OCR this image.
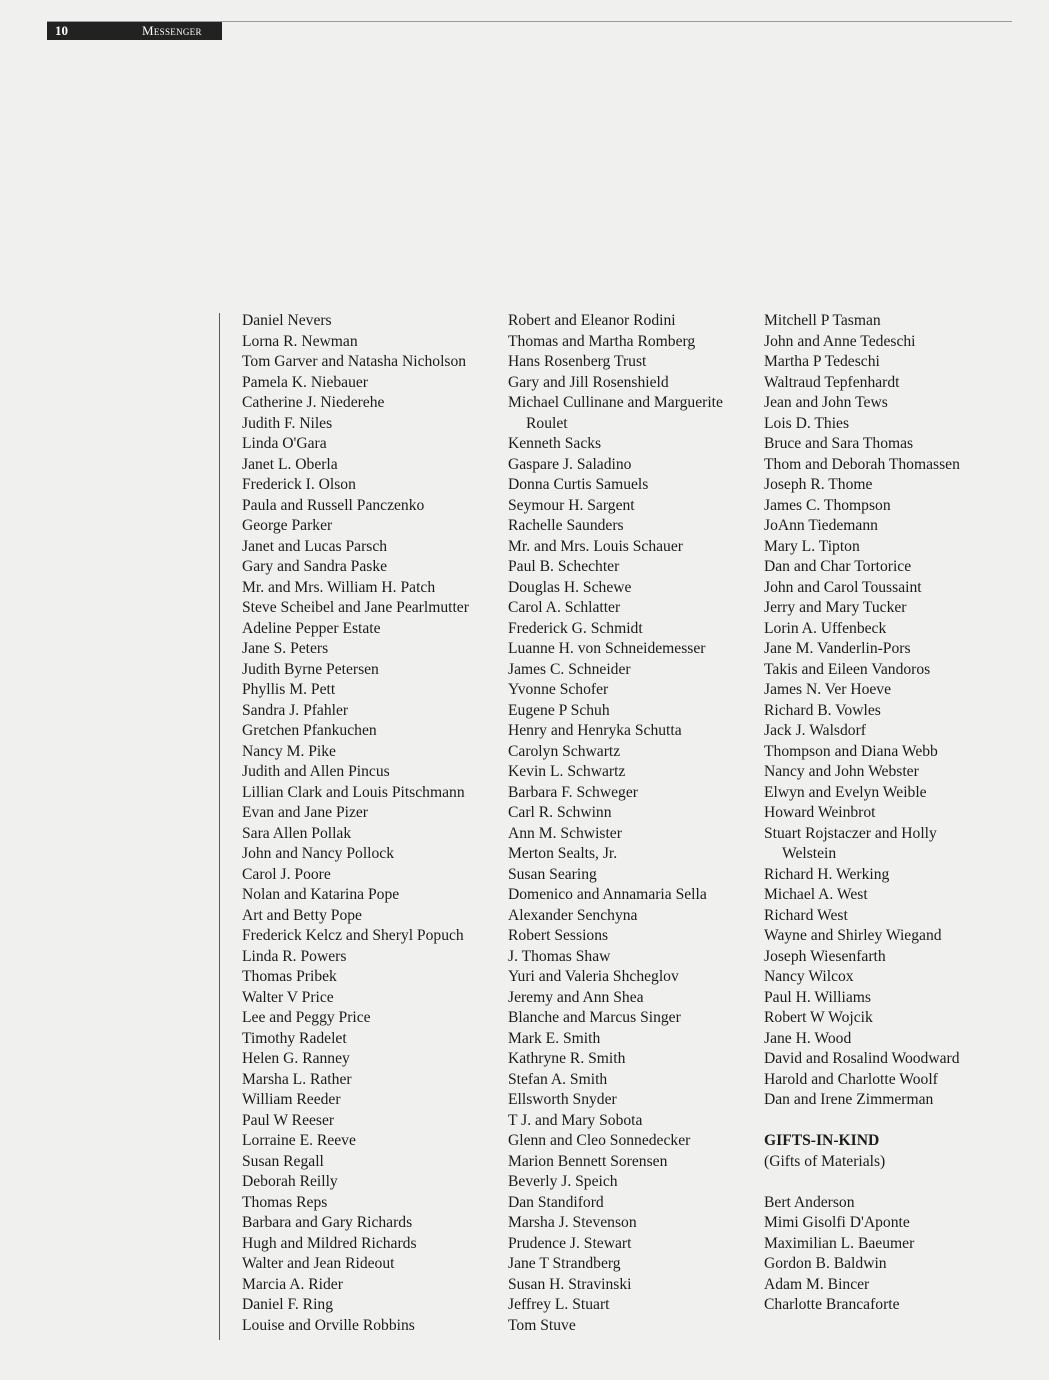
10	Messenger
Daniel Nevers
Lorna R. Newman
Tom Garver and Natasha Nicholson
Pamela K. Niebauer
Catherine J. Niederehe
Judith F. Niles
Linda O'Gara
Janet L. Oberla
Frederick I. Olson
Paula and Russell Panczenko
George Parker
Janet and Lucas Parsch
Gary and Sandra Paske
Mr. and Mrs. William H. Patch
Steve Scheibel and Jane Pearlmutter
Adeline Pepper Estate
Jane S. Peters
Judith Byrne Petersen
Phyllis M. Pett
Sandra J. Pfahler
Gretchen Pfankuchen
Nancy M. Pike
Judith and Allen Pincus
Lillian Clark and Louis Pitschmann
Evan and Jane Pizer
Sara Allen Pollak
John and Nancy Pollock
Carol J. Poore
Nolan and Katarina Pope
Art and Betty Pope
Frederick Kelcz and Sheryl Popuch
Linda R. Powers
Thomas Pribek
Walter V Price
Lee and Peggy Price
Timothy Radelet
Helen G. Ranney
Marsha L. Rather
William Reeder
Paul W Reeser
Lorraine E. Reeve
Susan Regall
Deborah Reilly
Thomas Reps
Barbara and Gary Richards
Hugh and Mildred Richards
Walter and Jean Rideout
Marcia A. Rider
Daniel F. Ring
Louise and Orville Robbins
Robert and Eleanor Rodini
Thomas and Martha Romberg
Hans Rosenberg Trust
Gary and Jill Rosenshield
Michael Cullinane and Marguerite
Roulet
Kenneth Sacks
Gaspare J. Saladino
Donna Curtis Samuels
Seymour H. Sargent
Rachelle Saunders
Mr. and Mrs. Louis Schauer
Paul B. Schechter
Douglas H. Schewe
Carol A. Schlatter
Frederick G. Schmidt
Luanne H. von Schneidemesser
James C. Schneider
Yvonne Schofer
Eugene P Schuh
Henry and Henryka Schutta
Carolyn Schwartz
Kevin L. Schwartz
Barbara F. Schweger
Carl R. Schwinn
Ann M. Schwister
Merton Sealts, Jr.
Susan Searing
Domenico and Annamaria Sella
Alexander Senchyna
Robert Sessions
J. Thomas Shaw
Yuri and Valeria Shcheglov
Jeremy and Ann Shea
Blanche and Marcus Singer
Mark E. Smith
Kathryne R. Smith
Stefan A. Smith
Ellsworth Snyder
T J. and Mary Sobota
Glenn and Cleo Sonnedecker
Marion Bennett Sorensen
Beverly J. Speich
Dan Standiford
Marsha J. Stevenson
Prudence J. Stewart
Jane T Strandberg
Susan H. Stravinski
Jeffrey L. Stuart
Tom Stuve
Mitchell P Tasman
John and Anne Tedeschi
Martha P Tedeschi
Waltraud Tepfenhardt
Jean and John Tews
Lois D. Thies
Bruce and Sara Thomas
Thom and Deborah Thomassen
Joseph R. Thome
James C. Thompson
JoAnn Tiedemann
Mary L. Tipton
Dan and Char Tortorice
John and Carol Toussaint
Jerry and Mary Tucker
Lorin A. Uffenbeck
Jane M. Vanderlin-Pors
Takis and Eileen Vandoros
James N. Ver Hoeve
Richard B. Vowles
Jack J. Walsdorf
Thompson and Diana Webb
Nancy and John Webster
Elwyn and Evelyn Weible
Howard Weinbrot
Stuart Rojstaczer and Holly
Welstein
Richard H. Werking
Michael A. West
Richard West
Wayne and Shirley Wiegand
Joseph Wiesenfarth
Nancy Wilcox
Paul H. Williams
Robert W Wojcik
Jane H. Wood
David and Rosalind Woodward
Harold and Charlotte Woolf
Dan and Irene Zimmerman
GIFTS-IN-KIND
(Gifts of Materials)
Bert Anderson
Mimi Gisolfi D'Aponte
Maximilian L. Baeumer
Gordon B. Baldwin
Adam M. Bincer
Charlotte Brancaforte
